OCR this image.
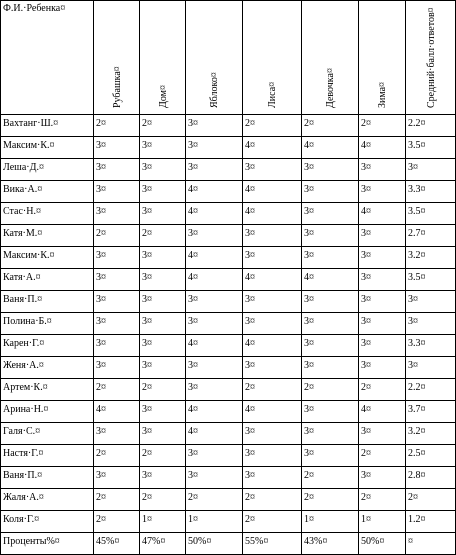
Ф.И.·Ребенка¤	Рубашка¤	Дом¤	Яблоко¤	Лиса¤	Девочка¤	Зима¤	Средний·балл·ответов¤

Вахтанг·Ш.¤	2¤	2¤	3¤	2¤	2¤	2¤	2.2¤
Максим·К.¤	3¤	3¤	3¤	4¤	4¤	4¤	3.5¤
Леша·Д.¤	3¤	3¤	3¤	3¤	3¤	3¤	3¤
Вика·А.¤	3¤	3¤	4¤	4¤	3¤	3¤	3.3¤
Стас·Н.¤	3¤	3¤	4¤	4¤	3¤	4¤	3.5¤
Катя·М.¤	2¤	2¤	3¤	3¤	3¤	3¤	2.7¤
Максим·К.¤	3¤	3¤	4¤	3¤	3¤	3¤	3.2¤
Катя·А.¤	3¤	3¤	4¤	4¤	4¤	3¤	3.5¤
Ваня·П.¤	3¤	3¤	3¤	3¤	3¤	3¤	3¤
Полина·Б.¤	3¤	3¤	3¤	3¤	3¤	3¤	3¤
Карен·Г.¤	3¤	3¤	4¤	4¤	3¤	3¤	3.3¤
Женя·А.¤	3¤	3¤	3¤	3¤	3¤	3¤	3¤
Артем·К.¤	2¤	2¤	3¤	2¤	2¤	2¤	2.2¤
Арина·Н.¤	4¤	3¤	4¤	4¤	3¤	4¤	3.7¤
Галя·С.¤	3¤	3¤	4¤	3¤	3¤	3¤	3.2¤
Настя·Г.¤	2¤	2¤	3¤	3¤	3¤	2¤	2.5¤
Ваня·П.¤	3¤	3¤	3¤	3¤	2¤	3¤	2.8¤
Жаля·А.¤	2¤	2¤	2¤	2¤	2¤	2¤	2¤
Коля·Г.¤	2¤	1¤	1¤	2¤	1¤	1¤	1.2¤
Проценты%¤	45%¤	47%¤	50%¤	55%¤	43%¤	50%¤	¤
